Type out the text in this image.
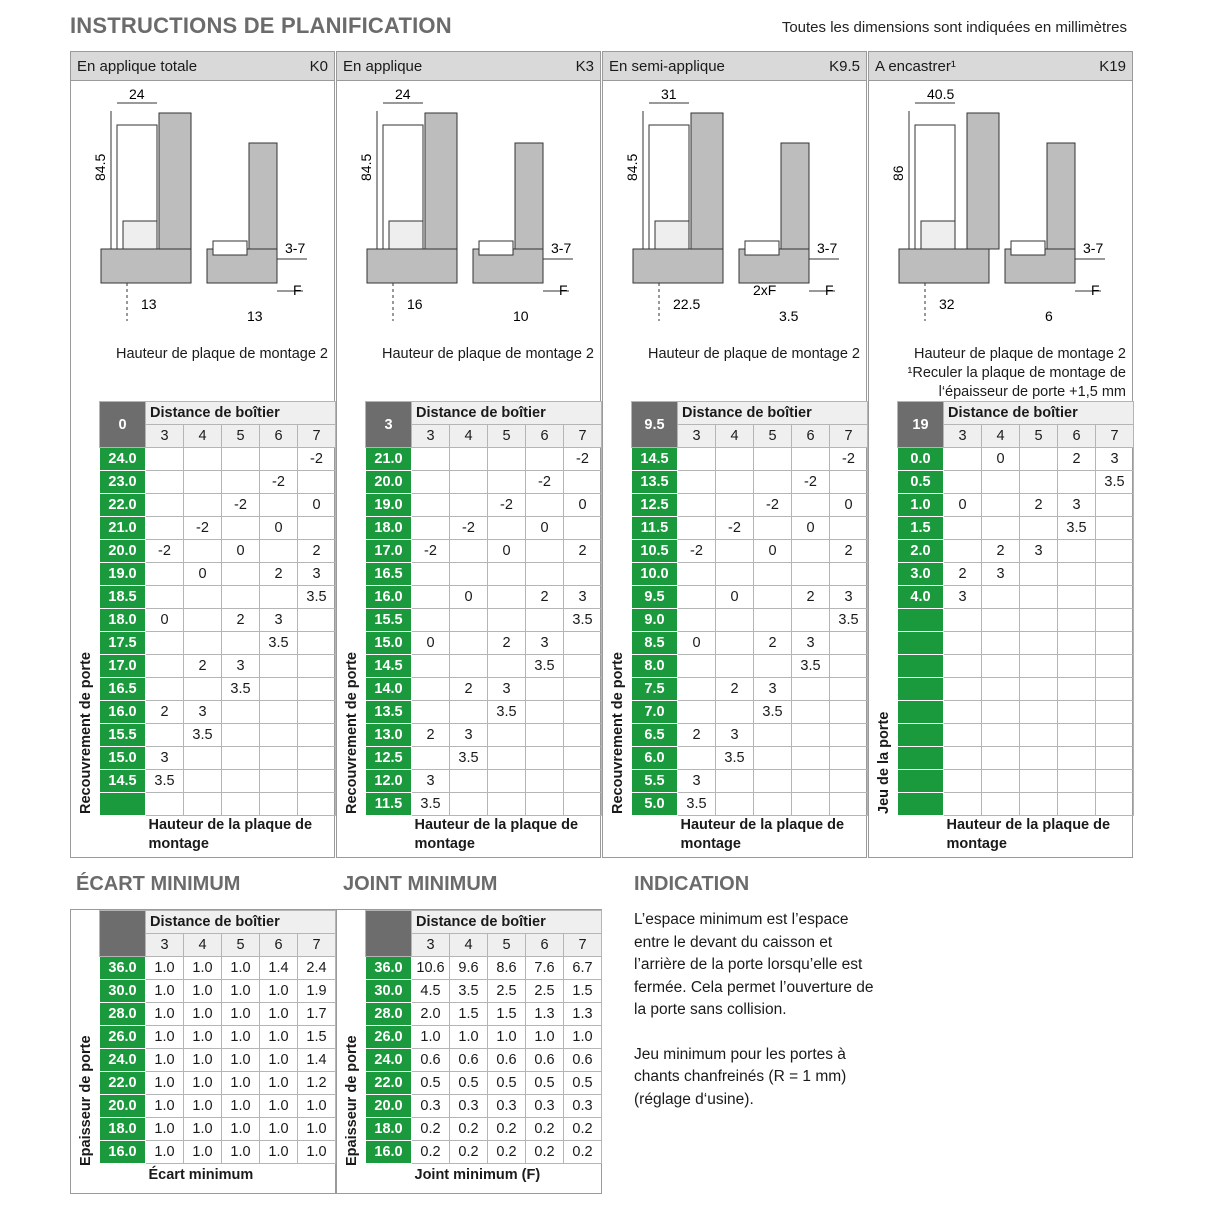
INSTRUCTIONS DE PLANIFICATION	Toutes les dimensions sont indiquées en millimètres
En applique totale	K0
24
84.5
3-7
F
13
13
Hauteur de plaque de montage 2
En applique	K3
24
84.5
3-7
F
16
10
Hauteur de plaque de montage 2
En semi-applique	K9.5
31
84.5
3-7
F
22.5
3.5
2xF
Hauteur de plaque de montage 2
A encastrer¹	K19
40.5
86
3-7
F
32
6
Hauteur de plaque de montage 2
¹Reculer la plaque de montage de
l‘épaisseur de porte +1,5 mm
ÉCART MINIMUM	JOINT MINIMUM	INDICATION

L’espace minimum est l’espace entre le devant du caisson et l’arrière de la porte lorsqu’elle est fermée. Cela permet l’ouverture de la porte sans collision.

Jeu minimum pour les portes à chants chanfreinés (R = 1 mm) (réglage d‘usine).

0	Distance de boîtier				
	3	4	5	6	7
24.0					-2
23.0				-2	
22.0			-2		0
21.0		-2		0	
20.0	-2		0		2
19.0		0		2	3
18.5					3.5
18.0	0		2	3	
17.5				3.5	
17.0		2	3		
16.5			3.5		
16.0	2	3			
15.5		3.5			
15.0	3				
14.5	3.5				

	Hauteur de la plaque de
montage				
Recouvrement de porte
3	Distance de boîtier				
	3	4	5	6	7
21.0					-2
20.0				-2	
19.0			-2		0
18.0		-2		0	
17.0	-2		0		2
16.5					
16.0		0		2	3
15.5					3.5
15.0	0		2	3	
14.5				3.5	
14.0		2	3		
13.5			3.5		
13.0	2	3			
12.5		3.5			
12.0	3				
11.5	3.5				

	Hauteur de la plaque de
montage				
Recouvrement de porte
9.5	Distance de boîtier				
	3	4	5	6	7
14.5					-2
13.5				-2	
12.5			-2		0
11.5		-2		0	
10.5	-2		0		2
10.0					
9.5		0		2	3
9.0					3.5
8.5	0		2	3	
8.0				3.5	
7.5		2	3		
7.0			3.5		
6.5	2	3			
6.0		3.5			
5.5	3				
5.0	3.5				

	Hauteur de la plaque de
montage				
Recouvrement de porte
19	Distance de boîtier				
	3	4	5	6	7
0.0		0		2	3
0.5					3.5
1.0	0		2	3	
1.5				3.5	
2.0		2	3		
3.0	2	3			
4.0	3				

	Hauteur de la plaque de
montage				
Jeu de la porte
	Distance de boîtier				
	3	4	5	6	7
36.0	1.0	1.0	1.0	1.4	2.4
30.0	1.0	1.0	1.0	1.0	1.9
28.0	1.0	1.0	1.0	1.0	1.7
26.0	1.0	1.0	1.0	1.0	1.5
24.0	1.0	1.0	1.0	1.0	1.4
22.0	1.0	1.0	1.0	1.0	1.2
20.0	1.0	1.0	1.0	1.0	1.0
18.0	1.0	1.0	1.0	1.0	1.0
16.0	1.0	1.0	1.0	1.0	1.0
	Écart minimum				
Epaisseur de porte
	Distance de boîtier				
	3	4	5	6	7
36.0	10.6	9.6	8.6	7.6	6.7
30.0	4.5	3.5	2.5	2.5	1.5
28.0	2.0	1.5	1.5	1.3	1.3
26.0	1.0	1.0	1.0	1.0	1.0
24.0	0.6	0.6	0.6	0.6	0.6
22.0	0.5	0.5	0.5	0.5	0.5
20.0	0.3	0.3	0.3	0.3	0.3
18.0	0.2	0.2	0.2	0.2	0.2
16.0	0.2	0.2	0.2	0.2	0.2
	Joint minimum (F)				
Epaisseur de porte
